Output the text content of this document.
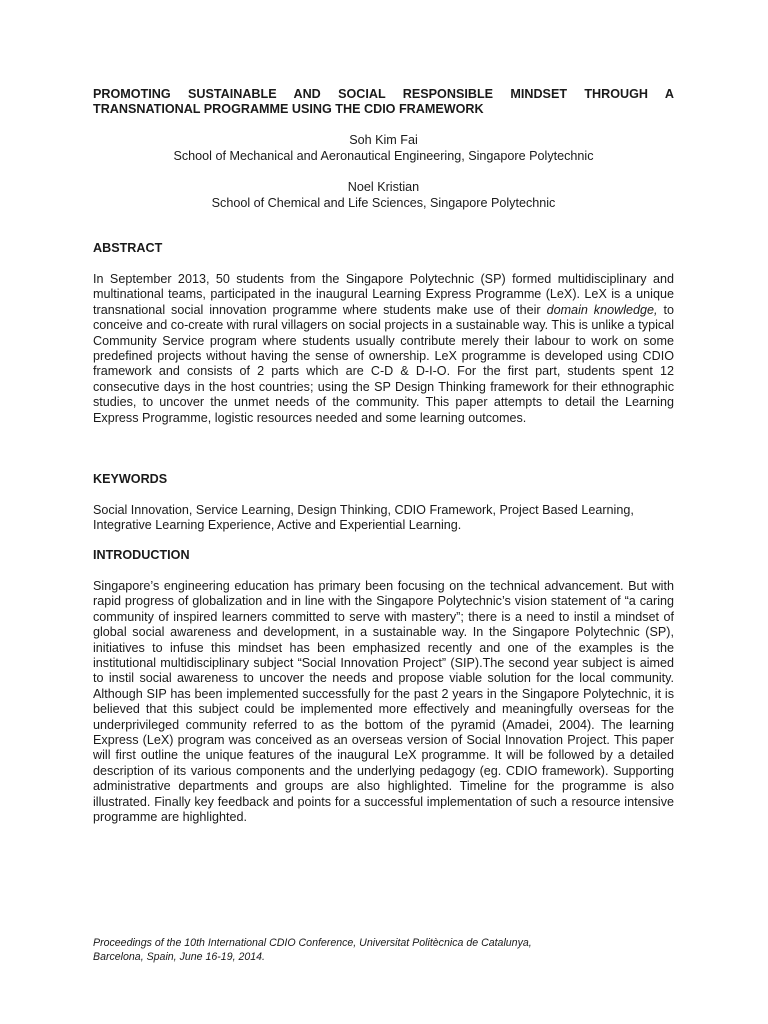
PROMOTING SUSTAINABLE AND SOCIAL RESPONSIBLE MINDSET THROUGH A TRANSNATIONAL PROGRAMME USING THE CDIO FRAMEWORK

Soh Kim Fai
School of Mechanical and Aeronautical Engineering, Singapore Polytechnic

Noel Kristian
School of Chemical and Life Sciences, Singapore Polytechnic

ABSTRACT

In September 2013, 50 students from the Singapore Polytechnic (SP) formed multidisciplinary and multinational teams, participated in the inaugural Learning Express Programme (LeX). LeX is a unique transnational social innovation programme where students make use of their domain knowledge, to conceive and co-create with rural villagers on social projects in a sustainable way. This is unlike a typical Community Service program where students usually contribute merely their labour to work on some predefined projects without having the sense of ownership. LeX programme is developed using CDIO framework and consists of 2 parts which are C-D & D-I-O. For the first part, students spent 12 consecutive days in the host countries; using the SP Design Thinking framework for their ethnographic studies, to uncover the unmet needs of the community. This paper attempts to detail the Learning Express Programme, logistic resources needed and some learning outcomes.

KEYWORDS

Social Innovation, Service Learning, Design Thinking, CDIO Framework, Project Based Learning, Integrative Learning Experience, Active and Experiential Learning.

INTRODUCTION

Singapore’s engineering education has primary been focusing on the technical advancement. But with rapid progress of globalization and in line with the Singapore Polytechnic’s vision statement of “a caring community of inspired learners committed to serve with mastery”; there is a need to instil a mindset of global social awareness and development, in a sustainable way. In the Singapore Polytechnic (SP), initiatives to infuse this mindset has been emphasized recently and one of the examples is the institutional multidisciplinary subject “Social Innovation Project” (SIP).The second year subject is aimed to instil social awareness to uncover the needs and propose viable solution for the local community. Although SIP has been implemented successfully for the past 2 years in the Singapore Polytechnic, it is believed that this subject could be implemented more effectively and meaningfully overseas for the underprivileged community referred to as the bottom of the pyramid (Amadei, 2004). The learning Express (LeX) program was conceived as an overseas version of Social Innovation Project. This paper will first outline the unique features of the inaugural LeX programme. It will be followed by a detailed description of its various components and the underlying pedagogy (eg. CDIO framework). Supporting administrative departments and groups are also highlighted. Timeline for the programme is also illustrated. Finally key feedback and points for a successful implementation of such a resource intensive programme are highlighted.

Proceedings of the 10th International CDIO Conference, Universitat Politècnica de Catalunya,
Barcelona, Spain, June 16-19, 2014.
